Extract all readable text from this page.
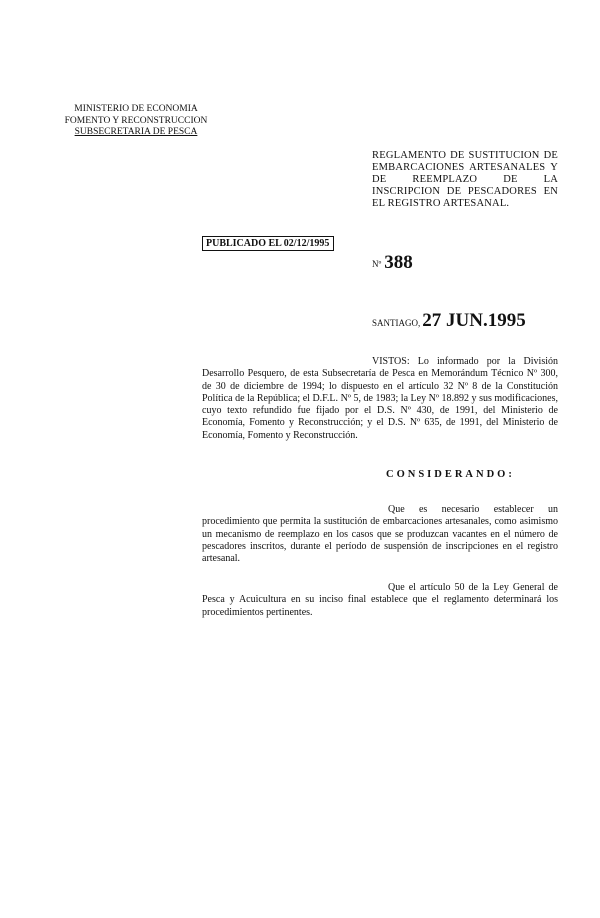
MINISTERIO DE ECONOMIA
FOMENTO Y RECONSTRUCCION
SUBSECRETARIA DE PESCA
REGLAMENTO DE SUSTITUCION DE EMBARCACIONES ARTESANALES Y DE REEMPLAZO DE LA INSCRIPCION DE PESCADORES EN EL REGISTRO ARTESANAL.
PUBLICADO EL 02/12/1995
Nº 388
SANTIAGO, 27 JUN.1995
VISTOS: Lo informado por la División Desarrollo Pesquero, de esta Subsecretaría de Pesca en Memorándum Técnico Nº 300, de 30 de diciembre de 1994; lo dispuesto en el artículo 32 Nº 8 de la Constitución Política de la República; el D.F.L. Nº 5, de 1983; la Ley Nº 18.892 y sus modificaciones, cuyo texto refundido fue fijado por el D.S. Nº 430, de 1991, del Ministerio de Economía, Fomento y Reconstrucción; y el D.S. Nº 635, de 1991, del Ministerio de Economía, Fomento y Reconstrucción.
CONSIDERANDO:
Que es necesario establecer un procedimiento que permita la sustitución de embarcaciones artesanales, como asimismo un mecanismo de reemplazo en los casos que se produzcan vacantes en el número de pescadores inscritos, durante el período de suspensión de inscripciones en el registro artesanal.
Que el artículo 50 de la Ley General de Pesca y Acuicultura en su inciso final establece que el reglamento determinará los procedimientos pertinentes.
